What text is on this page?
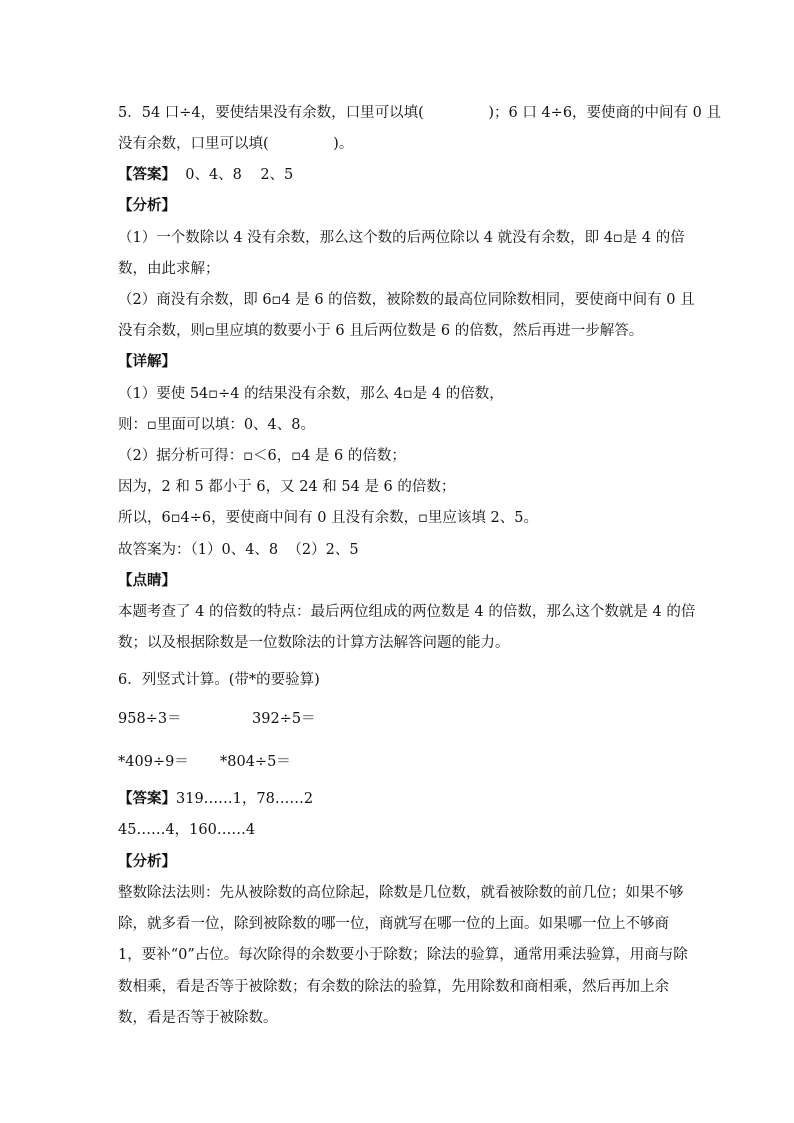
5．54 口÷4，要使结果没有余数，口里可以填(              )；6 口 4÷6，要使商的中间有 0 且
没有余数，口里可以填(              )。
【答案】  0、4、8    2、5
【分析】
（1）一个数除以 4 没有余数，那么这个数的后两位除以 4 就没有余数，即 4▫是 4 的倍
数，由此求解；
（2）商没有余数，即 6▫4 是 6 的倍数，被除数的最高位同除数相同，要使商中间有 0 且
没有余数，则▫里应填的数要小于 6 且后两位数是 6 的倍数，然后再进一步解答。
【详解】
（1）要使 54▫÷4 的结果没有余数，那么 4▫是 4 的倍数，
则：▫里面可以填：0、4、8。
（2）据分析可得：▫＜6，▫4 是 6 的倍数；
因为，2 和 5 都小于 6，又 24 和 54 是 6 的倍数；
所以，6▫4÷6，要使商中间有 0 且没有余数，▫里应该填 2、5。
故答案为：（1）0、4、8  （2）2、5
【点睛】
本题考查了 4 的倍数的特点：最后两位组成的两位数是 4 的倍数，那么这个数就是 4 的倍
数；以及根据除数是一位数除法的计算方法解答问题的能力。
6．列竖式计算。(带*的要验算)
958÷3＝	392÷5＝
*409÷9＝ *804÷5＝
【答案】319……1，78……2
45……4，160……4
【分析】
整数除法法则：先从被除数的高位除起，除数是几位数，就看被除数的前几位；如果不够
除，就多看一位，除到被除数的哪一位，商就写在哪一位的上面。如果哪一位上不够商
1，要补“0”占位。每次除得的余数要小于除数；除法的验算，通常用乘法验算，用商与除
数相乘，看是否等于被除数；有余数的除法的验算，先用除数和商相乘，然后再加上余
数，看是否等于被除数。
